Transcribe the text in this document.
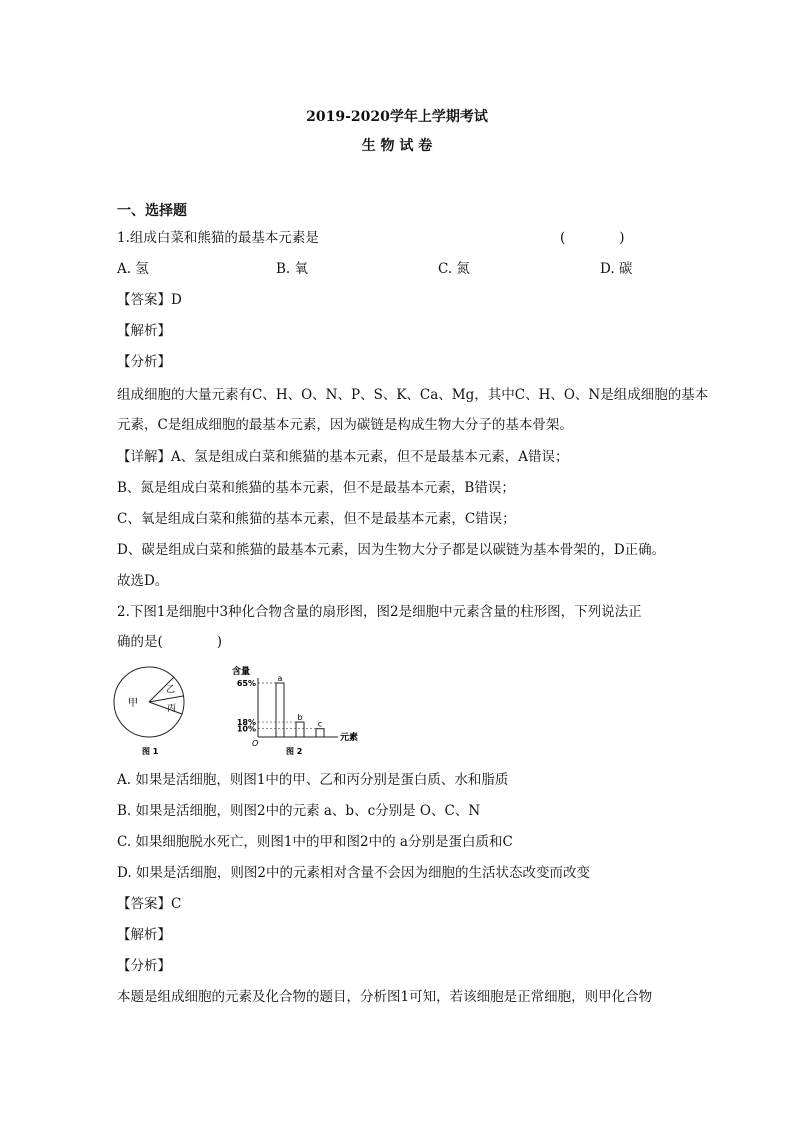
2019-2020学年上学期考试
生 物 试 卷
一、选择题
1.组成白菜和熊猫的最基本元素是	(　　　　)
A. 氢	B. 氧	C. 氮	D. 碳
【答案】D
【解析】
【分析】
组成细胞的大量元素有C、H、O、N、P、S、K、Ca、Mg，其中C、H、O、N是组成细胞的基本
元素，C是组成细胞的最基本元素，因为碳链是构成生物大分子的基本骨架。
【详解】A、氢是组成白菜和熊猫的基本元素，但不是最基本元素，A错误；
B、氮是组成白菜和熊猫的基本元素，但不是最基本元素，B错误；
C、氧是组成白菜和熊猫的基本元素，但不是最基本元素，C错误；
D、碳是组成白菜和熊猫的最基本元素，因为生物大分子都是以碳链为基本骨架的，D正确。
故选D。
2.下图1是细胞中3种化合物含量的扇形图，图2是细胞中元素含量的柱形图，下列说法正
确的是(　　　　)
甲
乙
丙
图 1
含量
元素
O
65%
a
18%
b
10%
c
图 2
A. 如果是活细胞，则图1中的甲、乙和丙分别是蛋白质、水和脂质
B. 如果是活细胞，则图2中的元素 a、b、c分别是 O、C、N
C. 如果细胞脱水死亡，则图1中的甲和图2中的 a分别是蛋白质和C
D. 如果是活细胞，则图2中的元素相对含量不会因为细胞的生活状态改变而改变
【答案】C
【解析】
【分析】
本题是组成细胞的元素及化合物的题目，分析图1可知，若该细胞是正常细胞，则甲化合物
